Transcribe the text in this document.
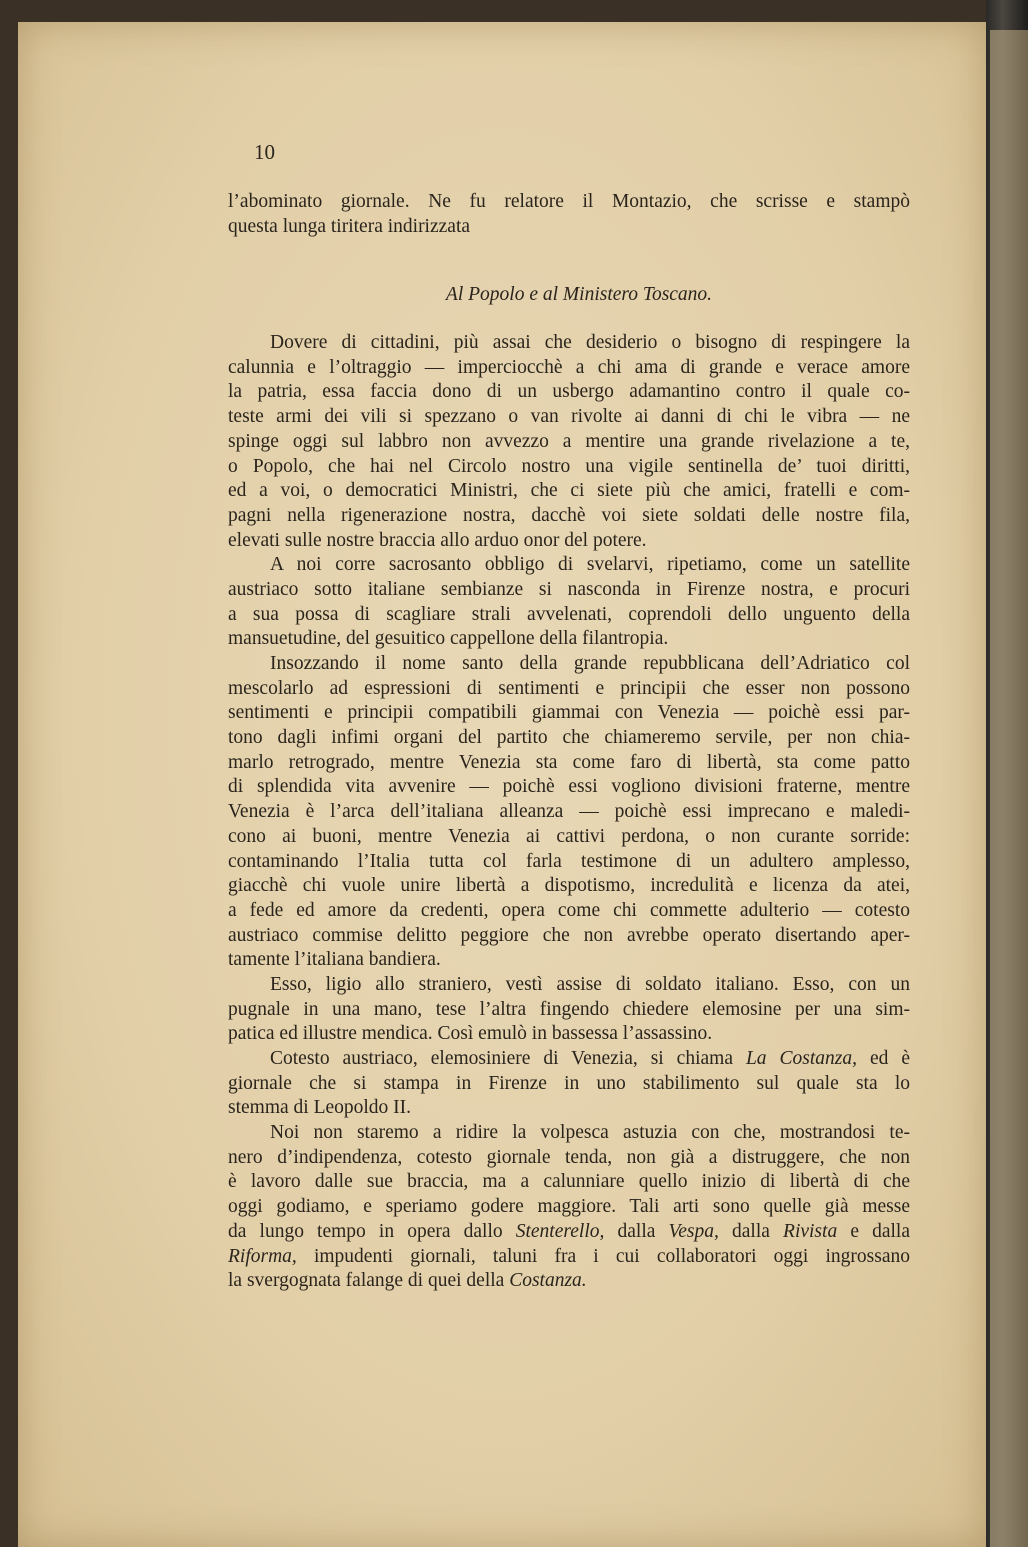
10
l’abominato giornale. Ne fu relatore il Montazio, che scrisse e stampò
questa lunga tiritera indirizzata
Al Popolo e al Ministero Toscano.
Dovere di cittadini, più assai che desiderio o bisogno di respingere la
calunnia e l’oltraggio — imperciocchè a chi ama di grande e verace amore
la patria, essa faccia dono di un usbergo adamantino contro il quale co-
teste armi dei vili si spezzano o van rivolte ai danni di chi le vibra — ne
spinge oggi sul labbro non avvezzo a mentire una grande rivelazione a te,
o Popolo, che hai nel Circolo nostro una vigile sentinella de’ tuoi diritti,
ed a voi, o democratici Ministri, che ci siete più che amici, fratelli e com-
pagni nella rigenerazione nostra, dacchè voi siete soldati delle nostre fila,
elevati sulle nostre braccia allo arduo onor del potere.
A noi corre sacrosanto obbligo di svelarvi, ripetiamo, come un satellite
austriaco sotto italiane sembianze si nasconda in Firenze nostra, e procuri
a sua possa di scagliare strali avvelenati, coprendoli dello unguento della
mansuetudine, del gesuitico cappellone della filantropia.
Insozzando il nome santo della grande repubblicana dell’Adriatico col
mescolarlo ad espressioni di sentimenti e principii che esser non possono
sentimenti e principii compatibili giammai con Venezia — poichè essi par-
tono dagli infimi organi del partito che chiameremo servile, per non chia-
marlo retrogrado, mentre Venezia sta come faro di libertà, sta come patto
di splendida vita avvenire — poichè essi vogliono divisioni fraterne, mentre
Venezia è l’arca dell’italiana alleanza — poichè essi imprecano e maledi-
cono ai buoni, mentre Venezia ai cattivi perdona, o non curante sorride:
contaminando l’Italia tutta col farla testimone di un adultero amplesso,
giacchè chi vuole unire libertà a dispotismo, incredulità e licenza da atei,
a fede ed amore da credenti, opera come chi commette adulterio — cotesto
austriaco commise delitto peggiore che non avrebbe operato disertando aper-
tamente l’italiana bandiera.
Esso, ligio allo straniero, vestì assise di soldato italiano. Esso, con un
pugnale in una mano, tese l’altra fingendo chiedere elemosine per una sim-
patica ed illustre mendica. Così emulò in bassessa l’assassino.
Cotesto austriaco, elemosiniere di Venezia, si chiama La Costanza, ed è
giornale che si stampa in Firenze in uno stabilimento sul quale sta lo
stemma di Leopoldo II.
Noi non staremo a ridire la volpesca astuzia con che, mostrandosi te-
nero d’indipendenza, cotesto giornale tenda, non già a distruggere, che non
è lavoro dalle sue braccia, ma a calunniare quello inizio di libertà di che
oggi godiamo, e speriamo godere maggiore. Tali arti sono quelle già messe
da lungo tempo in opera dallo Stenterello, dalla Vespa, dalla Rivista e dalla
Riforma, impudenti giornali, taluni fra i cui collaboratori oggi ingrossano
la svergognata falange di quei della Costanza.
